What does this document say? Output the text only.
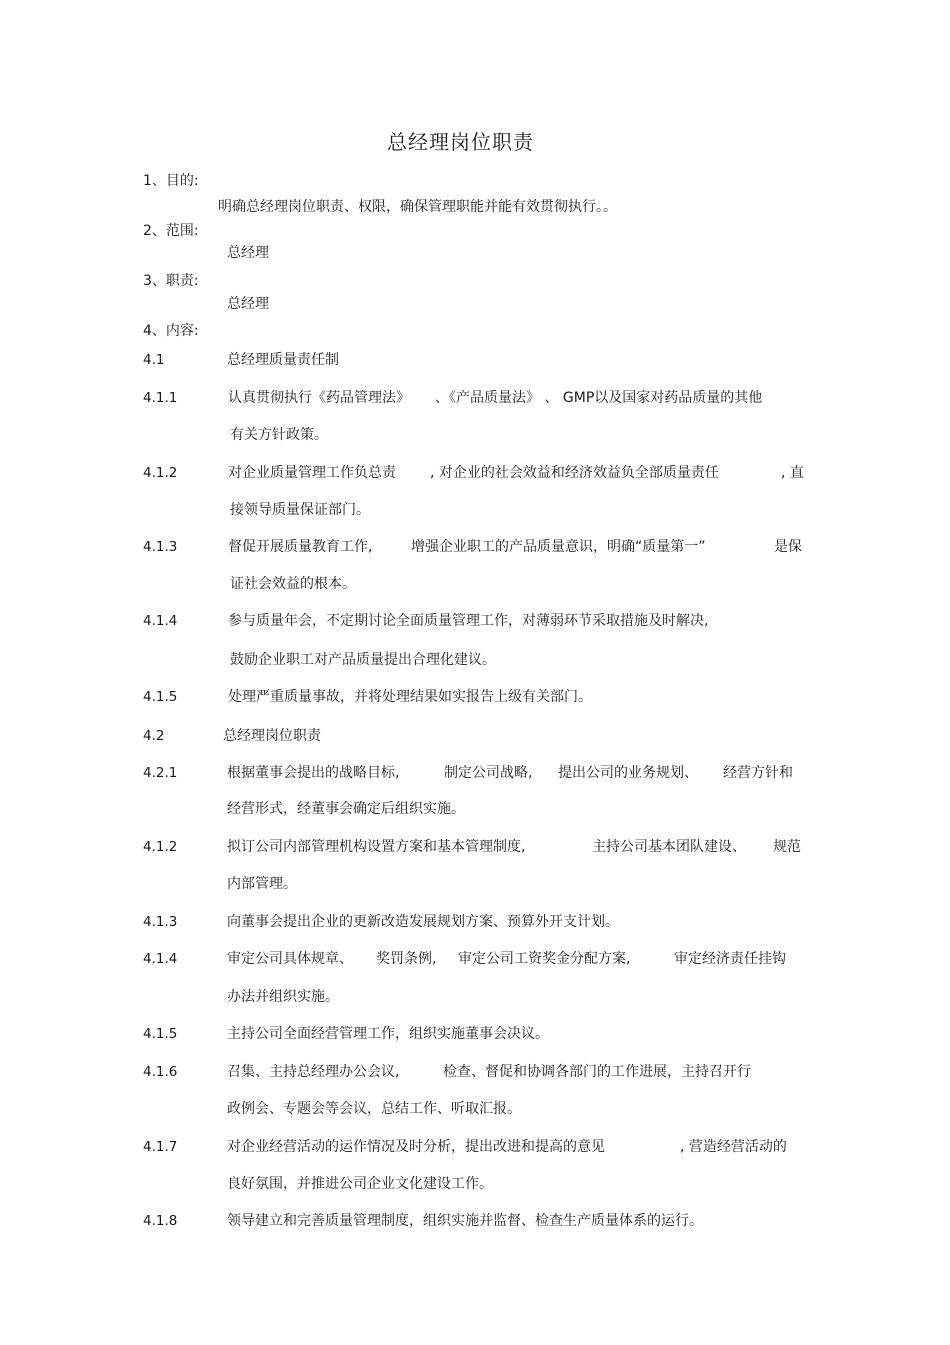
总经理岗位职责
1、目的:
明确总经理岗位职责、权限，确保管理职能并能有效贯彻执行。。
2、范围:
总经理
3、职责:
总经理
4、内容:
4.1	总经理质量责任制
4.1.1	认真贯彻执行《药品管理法》 、《产品质量法》 、 GMP以及国家对药品质量的其他
有关方针政策。
4.1.2	对企业质量管理工作负总责 , 对企业的社会效益和经济效益负全部质量责任	, 直
接领导质量保证部门。
4.1.3	督促开展质量教育工作,	增强企业职工的产品质量意识，明确“质量第一”	是保
证社会效益的根本。
4.1.4	参与质量年会，不定期讨论全面质量管理工作，对薄弱环节采取措施及时解决,
鼓励企业职工对产品质量提出合理化建议。
4.1.5	处理严重质量事故，并将处理结果如实报告上级有关部门。
4.2	总经理岗位职责
4.2.1	根据董事会提出的战略目标,	制定公司战略, 提出公司的业务规划、 经营方针和
经营形式，经董事会确定后组织实施。
4.1.2	拟订公司内部管理机构设置方案和基本管理制度,	主持公司基本团队建设、 规范
内部管理。
4.1.3	向董事会提出企业的更新改造发展规划方案、预算外开支计划。
4.1.4	审定公司具体规章、 奖罚条例, 审定公司工资奖金分配方案,	审定经济责任挂钩
办法并组织实施。
4.1.5	主持公司全面经营管理工作，组织实施董事会决议。
4.1.6	召集、主持总经理办公会议,	检查、督促和协调各部门的工作进展，主持召开行
政例会、专题会等会议，总结工作、听取汇报。
4.1.7	对企业经营活动的运作情况及时分析，提出改进和提高的意见	, 营造经营活动的
良好氛围，并推进公司企业文化建设工作。
4.1.8	领导建立和完善质量管理制度，组织实施并监督、检查生产质量体系的运行。
